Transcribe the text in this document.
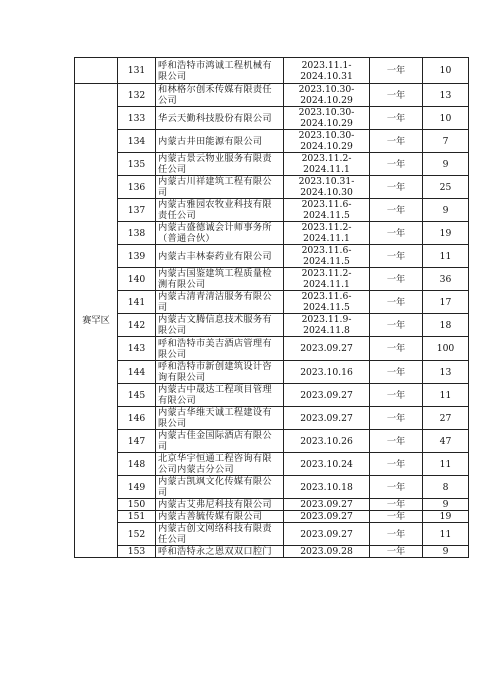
	131	呼和浩特市鸿诚工程机械有限公司	2023.11.1-2024.10.31	一年	10
赛罕区	132	和林格尔创禾传媒有限责任公司	2023.10.30-2024.10.29	一年	13
	133	华云天勤科技股份有限公司	2023.10.30-2024.10.29	一年	10
	134	内蒙古井田能源有限公司	2023.10.30-2024.10.29	一年	7
	135	内蒙古景云物业服务有限责任公司	2023.11.2-2024.11.1	一年	9
	136	内蒙古川祥建筑工程有限公司	2023.10.31-2024.10.30	一年	25
	137	内蒙古雅园农牧业科技有限责任公司	2023.11.6-2024.11.5	一年	9
	138	内蒙古盛德诚会计师事务所（普通合伙）	2023.11.2-2024.11.1	一年	19
	139	内蒙古丰林泰药业有限公司	2023.11.6-2024.11.5	一年	11
	140	内蒙古国鉴建筑工程质量检测有限公司	2023.11.2-2024.11.1	一年	36
	141	内蒙古清青清洁服务有限公司	2023.11.6-2024.11.5	一年	17
	142	内蒙古文腾信息技术服务有限公司	2023.11.9-2024.11.8	一年	18
	143	呼和浩特市美吉酒店管理有限公司	2023.09.27	一年	100
	144	呼和浩特市新创建筑设计咨询有限公司	2023.10.16	一年	13
	145	内蒙古中晟达工程项目管理有限公司	2023.09.27	一年	11
	146	内蒙古华维天诚工程建设有限公司	2023.09.27	一年	27
	147	内蒙古佳金国际酒店有限公司	2023.10.26	一年	47
	148	北京华宇恒通工程咨询有限公司内蒙古分公司	2023.10.24	一年	11
	149	内蒙古凯飒文化传媒有限公司	2023.10.18	一年	8
	150	内蒙古艾弗尼科技有限公司	2023.09.27	一年	9
	151	内蒙古善毓传媒有限公司	2023.09.27	一年	19
	152	内蒙古创文网络科技有限责任公司	2023.09.27	一年	11
	153	呼和浩特永之恩双双口腔门	2023.09.28	一年	9
